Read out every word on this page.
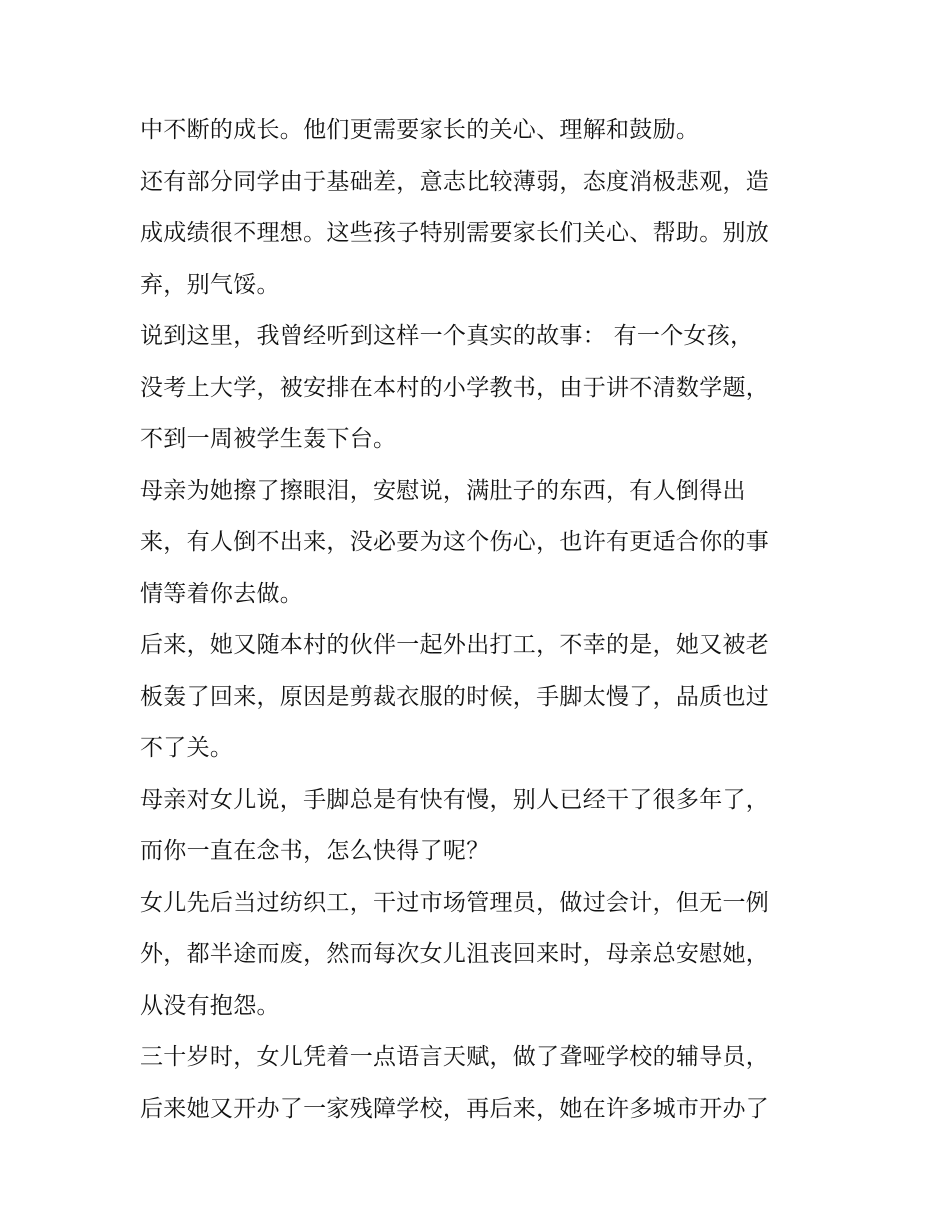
中不断的成长。他们更需要家长的关心、理解和鼓励。
还有部分同学由于基础差，意志比较薄弱，态度消极悲观，造
成成绩很不理想。这些孩子特别需要家长们关心、帮助。别放
弃，别气馁。
说到这里，我曾经听到这样一个真实的故事： 有一个女孩，
没考上大学，被安排在本村的小学教书，由于讲不清数学题，
不到一周被学生轰下台。
母亲为她擦了擦眼泪，安慰说，满肚子的东西，有人倒得出
来，有人倒不出来，没必要为这个伤心，也许有更适合你的事
情等着你去做。
后来，她又随本村的伙伴一起外出打工，不幸的是，她又被老
板轰了回来，原因是剪裁衣服的时候，手脚太慢了，品质也过
不了关。
母亲对女儿说，手脚总是有快有慢，别人已经干了很多年了，
而你一直在念书，怎么快得了呢？
女儿先后当过纺织工，干过市场管理员，做过会计，但无一例
外，都半途而废，然而每次女儿沮丧回来时，母亲总安慰她，
从没有抱怨。
三十岁时，女儿凭着一点语言天赋，做了聋哑学校的辅导员，
后来她又开办了一家残障学校，再后来，她在许多城市开办了
